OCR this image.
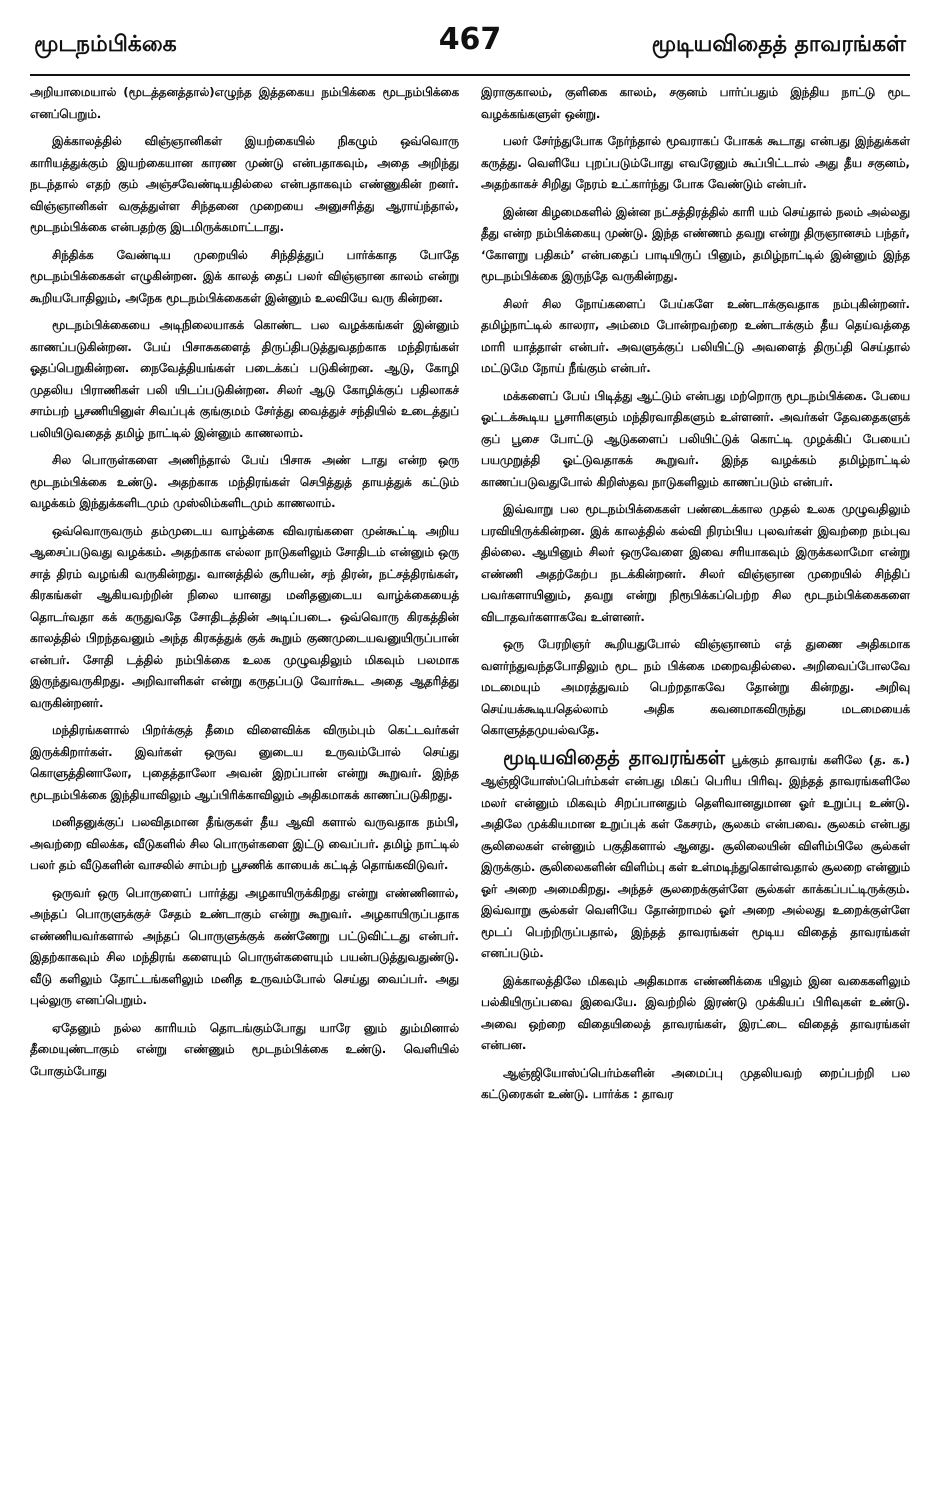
மூடநம்பிக்கை	467	மூடியவிதைத் தாவரங்கள்

அறியாமையால் (மூடத்தனத்தால்)எழுந்த இத்தகைய நம்பிக்கை மூடநம்பிக்கை எனப்பெறும்.

இக்காலத்தில் விஞ்ஞானிகள் இயற்கையில் நிகழும் ஒவ்வொரு காரியத்துக்கும் இயற்கையான காரண முண்டு என்பதாகவும், அதை அறிந்து நடந்தால் எதற் கும் அஞ்சவேண்டியதில்லை என்பதாகவும் எண்ணுகின் றனர். விஞ்ஞானிகள் வகுத்துள்ள சிந்தனை முறையை அனுசரித்து ஆராய்ந்தால், மூடநம்பிக்கை என்பதற்கு இடமிருக்கமாட்டாது.

சிந்திக்க வேண்டிய முறையில் சிந்தித்துப் பார்க்காத போதே மூடநம்பிக்கைகள் எழுகின்றன. இக் காலத் தைப் பலர் விஞ்ஞான காலம் என்று கூறியபோதிலும், அநேக மூடநம்பிக்கைகள் இன்னும் உலவியே வரு கின்றன.

மூடநம்பிக்கையை அடிநிலையாகக் கொண்ட பல வழக்கங்கள் இன்னும் காணப்படுகின்றன. பேய் பிசாசுகளைத் திருப்திபடுத்துவதற்காக மந்திரங்கள் ஓதப்பெறுகின்றன. நைவேத்தியங்கள் படைக்கப் படுகின்றன. ஆடு, கோழி முதலிய பிராணிகள் பலி யிடப்படுகின்றன. சிலர் ஆடு கோழிக்குப் பதிலாகச் சாம்பற் பூசணியினுள் சிவப்புக் குங்குமம் சேர்த்து வைத்துச் சந்தியில் உடைத்துப் பலியிடுவதைத் தமிழ் நாட்டில் இன்னும் காணலாம்.

சில பொருள்களை அணிந்தால் பேய் பிசாசு அண் டாது என்ற ஒரு மூடநம்பிக்கை உண்டு. அதற்காக மந்திரங்கள் செபித்துத் தாயத்துக் கட்டும் வழக்கம் இந்துக்களிடமும் முஸ்லிம்களிடமும் காணலாம்.

ஒவ்வொருவரும் தம்முடைய வாழ்க்கை விவரங்களை முன்கூட்டி அறிய ஆசைப்படுவது வழக்கம். அதற்காக எல்லா நாடுகளிலும் சோதிடம் என்னும் ஒரு சாத் திரம் வழங்கி வருகின்றது. வானத்தில் சூரியன், சந் திரன், நட்சத்திரங்கள், கிரகங்கள் ஆகியவற்றின் நிலை யானது மனிதனுடைய வாழ்க்கையைத் தொடர்வதா கக் கருதுவதே சோதிடத்தின் அடிப்படை. ஒவ்வொரு கிரகத்தின் காலத்தில் பிறந்தவனும் அந்த கிரகத்துக் குக் கூறும் குணமுடையவனுயிருப்பான் என்பர். சோதி டத்தில் நம்பிக்கை உலக முழுவதிலும் மிகவும் பலமாக இருந்துவருகிறது. அறிவாளிகள் என்று கருதப்படு வோர்கூட அதை ஆதரித்து வருகின்றனர்.

மந்திரங்களால் பிறர்க்குத் தீமை விளைவிக்க விரும்பும் கெட்டவர்கள் இருக்கிறார்கள். இவர்கள் ஒருவ னுடைய உருவம்போல் செய்து கொளுத்தினாலோ, புதைத்தாலோ அவன் இறப்பான் என்று கூறுவர். இந்த மூடநம்பிக்கை இந்தியாவிலும் ஆப்பிரிக்காவிலும் அதிகமாகக் காணப்படுகிறது.

மனிதனுக்குப் பலவிதமான தீங்குகள் தீய ஆவி களால் வருவதாக நம்பி, அவற்றை விலக்க, வீடுகளில் சில பொருள்களை இட்டு வைப்பர். தமிழ் நாட்டில் பலர் தம் வீடுகளின் வாசலில் சாம்பற் பூசணிக் காயைக் கட்டித் தொங்கவிடுவர்.

ஒருவர் ஒரு பொருளைப் பார்த்து அழகாயிருக்கிறது என்று எண்ணினால், அந்தப் பொருளுக்குச் சேதம் உண்டாகும் என்று கூறுவர். அழகாயிருப்பதாக எண்ணியவர்களால் அந்தப் பொருளுக்குக் கண்ணேறு பட்டுவிட்டது என்பர். இதற்காகவும் சில மந்திரங் களையும் பொருள்களையும் பயன்படுத்துவதுண்டு. வீடு களிலும் தோட்டங்களிலும் மனித உருவம்போல் செய்து வைப்பர். அது புல்லுரு எனப்பெறும்.

ஏதேனும் நல்ல காரியம் தொடங்கும்போது யாரே னும் தும்மினால் தீமையுண்டாகும் என்று எண்ணும் மூடநம்பிக்கை உண்டு. வெளியில் போகும்போது

இராகுகாலம், குளிகை காலம், சகுனம் பார்ப்பதும் இந்திய நாட்டு மூட வழக்கங்களுள் ஒன்று.

பலர் சேர்ந்துபோக நேர்ந்தால் மூவராகப் போகக் கூடாது என்பது இந்துக்கள் கருத்து. வெளியே புறப்படும்போது எவரேனும் கூப்பிட்டால் அது தீய சகுனம், அதற்காகச் சிறிது நேரம் உட்கார்ந்து போக வேண்டும் என்பர்.

இன்ன கிழமைகளில் இன்ன நட்சத்திரத்தில் காரி யம் செய்தால் நலம் அல்லது தீது என்ற நம்பிக்கையு முண்டு. இந்த எண்ணம் தவறு என்று திருஞானசம் பந்தர், ‘கோளறு பதிகம்’ என்பதைப் பாடியிருப் பினும், தமிழ்நாட்டில் இன்னும் இந்த மூடநம்பிக்கை இருந்தே வருகின்றது.

சிலர் சில நோய்களைப் பேய்களே உண்டாக்குவதாக நம்புகின்றனர். தமிழ்நாட்டில் காலரா, அம்மை போன்றவற்றை உண்டாக்கும் தீய தெய்வத்தை மாரி யாத்தாள் என்பர். அவளுக்குப் பலியிட்டு அவளைத் திருப்தி செய்தால் மட்டுமே நோய் நீங்கும் என்பர்.

மக்களைப் பேய் பிடித்து ஆட்டும் என்பது மற்றொரு மூடநம்பிக்கை. பேயை ஓட்டக்கூடிய பூசாரிகளும் மந்திரவாதிகளும் உள்ளனர். அவர்கள் தேவதைகளுக் குப் பூசை போட்டு ஆடுகளைப் பலியிட்டுக் கொட்டி முழக்கிப் பேயைப் பயமுறுத்தி ஓட்டுவதாகக் கூறுவர். இந்த வழக்கம் தமிழ்நாட்டில் காணப்படுவதுபோல் கிறிஸ்தவ நாடுகளிலும் காணப்படும் என்பர்.

இவ்வாறு பல மூடநம்பிக்கைகள் பண்டைக்கால முதல் உலக முழுவதிலும் பரவியிருக்கின்றன. இக் காலத்தில் கல்வி நிரம்பிய புலவர்கள் இவற்றை நம்புவ தில்லை. ஆயினும் சிலர் ஒருவேளை இவை சரியாகவும் இருக்கலாமோ என்று எண்ணி அதற்கேற்ப நடக்கின்றனர். சிலர் விஞ்ஞான முறையில் சிந்திப் பவர்களாயினும், தவறு என்று நிரூபிக்கப்பெற்ற சில மூடநம்பிக்கைகளை விடாதவர்களாகவே உள்ளனர்.

ஒரு பேரறிஞர் கூறியதுபோல் விஞ்ஞானம் எத் துணை அதிகமாக வளர்ந்துவந்தபோதிலும் மூட நம் பிக்கை மறைவதில்லை. அறிவைப்போலவே மடமையும் அமரத்துவம் பெற்றதாகவே தோன்று கின்றது. அறிவு செய்யக்கூடியதெல்லாம் அதிக கவனமாகவிருந்து மடமையைக் கொளுத்தமுயல்வதே.

மூடியவிதைத் தாவரங்கள் பூக்கும் தாவரங் களிலே (த. க.) ஆஞ்ஜியோஸ்ப்பெர்ம்கள் என்பது மிகப் பெரிய பிரிவு. இந்தத் தாவரங்களிலே மலர் என்னும் மிகவும் சிறப்பானதும் தெளிவானதுமான ஓர் உறுப்பு உண்டு. அதிலே முக்கியமான உறுப்புக் கள் கேசரம், சூலகம் என்பவை. சூலகம் என்பது சூலிலைகள் என்னும் பகுதிகளால் ஆனது. சூலிலையின் விளிம்பிலே சூல்கள் இருக்கும். சூலிலைகளின் விளிம்பு கள் உள்மடிந்துகொள்வதால் சூலறை என்னும் ஓர் அறை அமைகிறது. அந்தச் சூலறைக்குள்ளே சூல்கள் காக்கப்பட்டிருக்கும். இவ்வாறு சூல்கள் வெளியே தோன்றாமல் ஓர் அறை அல்லது உறைக்குள்ளே மூடப் பெற்றிருப்பதால், இந்தத் தாவரங்கள் மூடிய விதைத் தாவரங்கள் எனப்படும்.

இக்காலத்திலே மிகவும் அதிகமாக எண்ணிக்கை யிலும் இன வகைகளிலும் பல்கியிருப்பவை இவையே. இவற்றில் இரண்டு முக்கியப் பிரிவுகள் உண்டு. அவை ஒற்றை விதையிலைத் தாவரங்கள், இரட்டை விதைத் தாவரங்கள் என்பன.

ஆஞ்ஜியோஸ்ப்பெர்ம்களின் அமைப்பு முதலியவற் றைப்பற்றி பல கட்டுரைகள் உண்டு. பார்க்க : தாவர
